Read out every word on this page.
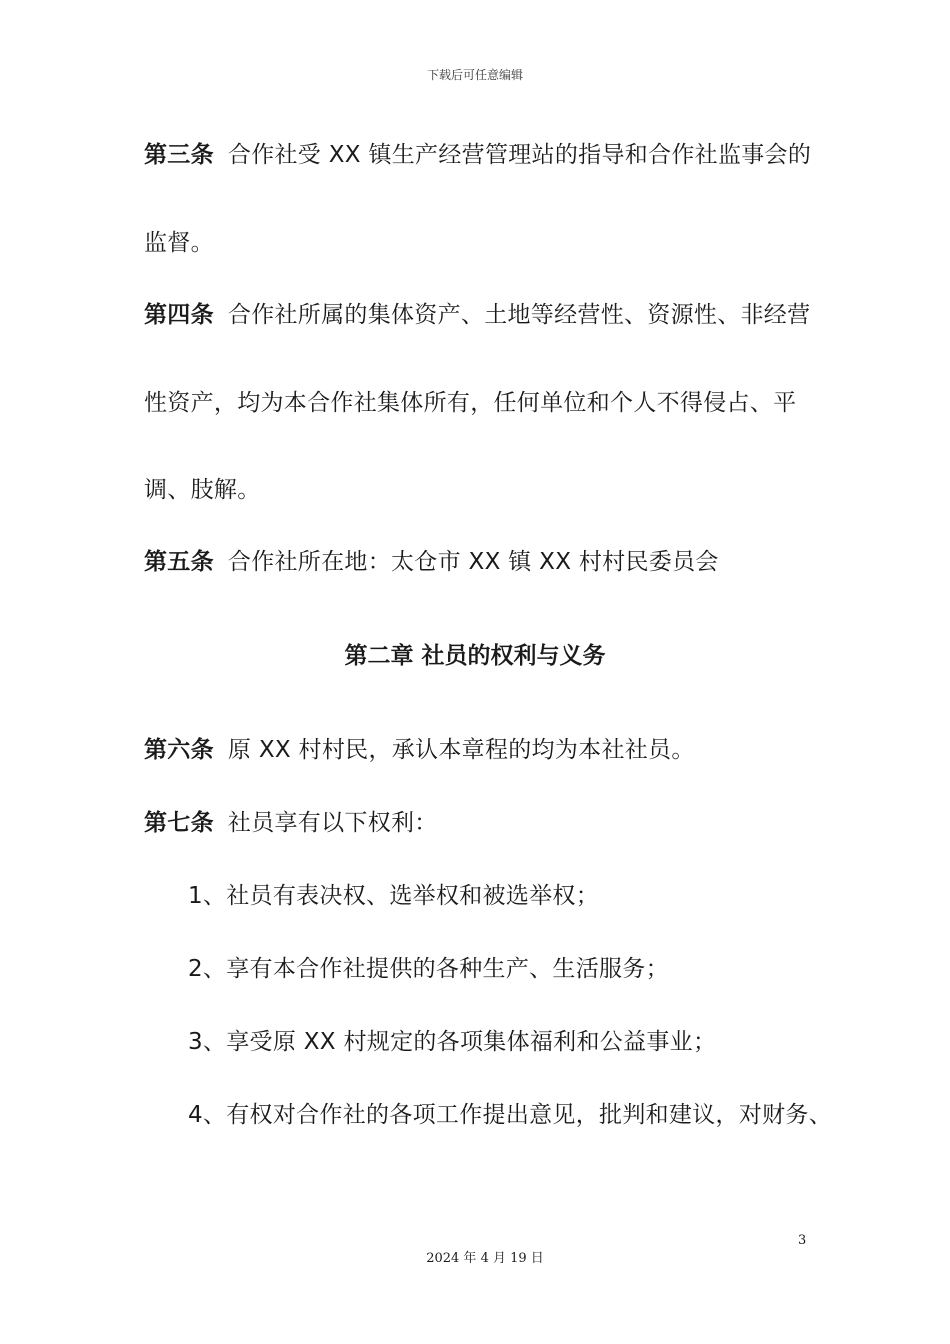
下载后可任意编辑
第三条 合作社受 XX 镇生产经营管理站的指导和合作社监事会的
监督。
第四条 合作社所属的集体资产、土地等经营性、资源性、非经营
性资产，均为本合作社集体所有，任何单位和个人不得侵占、平
调、肢解。
第五条 合作社所在地：太仓市 XX 镇 XX 村村民委员会
第二章 社员的权利与义务
第六条 原 XX 村村民，承认本章程的均为本社社员。
第七条 社员享有以下权利：
1、社员有表决权、选举权和被选举权；
2、享有本合作社提供的各种生产、生活服务；
3、享受原 XX 村规定的各项集体福利和公益事业；
4、有权对合作社的各项工作提出意见，批判和建议，对财务、
3
2024 年 4 月 19 日
